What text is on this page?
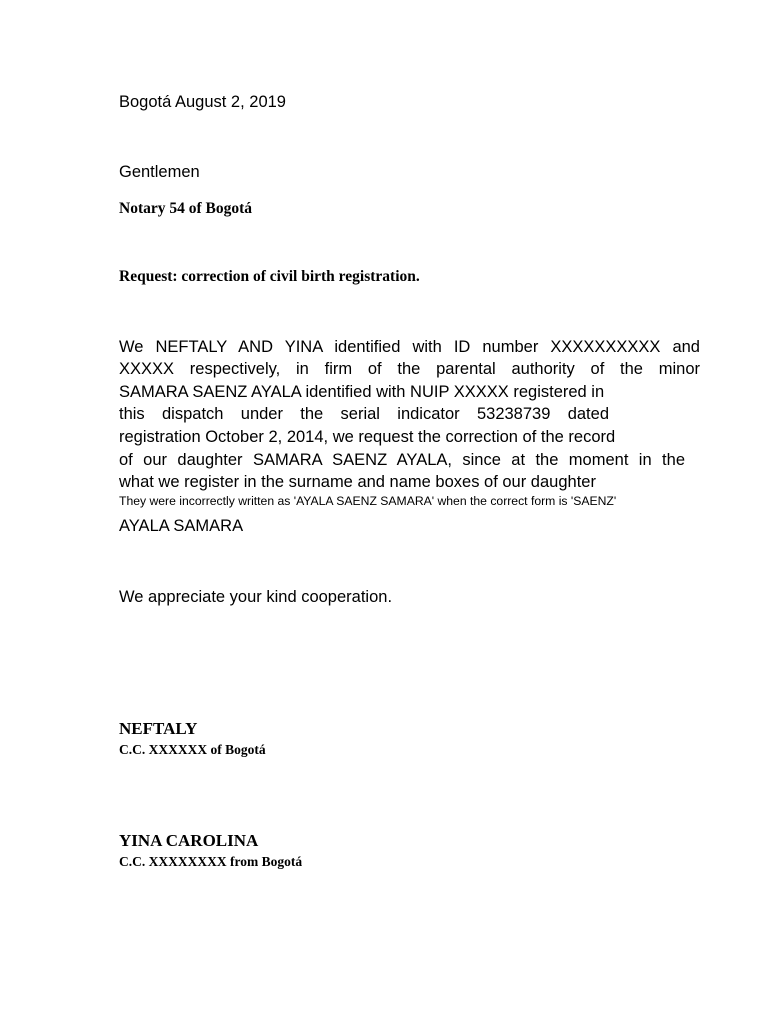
Bogotá August 2, 2019
Gentlemen
Notary 54 of Bogotá
Request: correction of civil birth registration.
We NEFTALY AND YINA identified with ID number XXXXXXXXXX and
XXXXX respectively, in firm of the parental authority of the minor
SAMARA SAENZ AYALA identified with NUIP XXXXX registered in
this dispatch under the serial indicator 53238739 dated
registration October 2, 2014, we request the correction of the record
of our daughter SAMARA SAENZ AYALA, since at the moment in the
what we register in the surname and name boxes of our daughter
They were incorrectly written as 'AYALA SAENZ SAMARA' when the correct form is 'SAENZ'
AYALA SAMARA
We appreciate your kind cooperation.
NEFTALY
C.C. XXXXXX of Bogotá
YINA CAROLINA
C.C. XXXXXXXX from Bogotá
